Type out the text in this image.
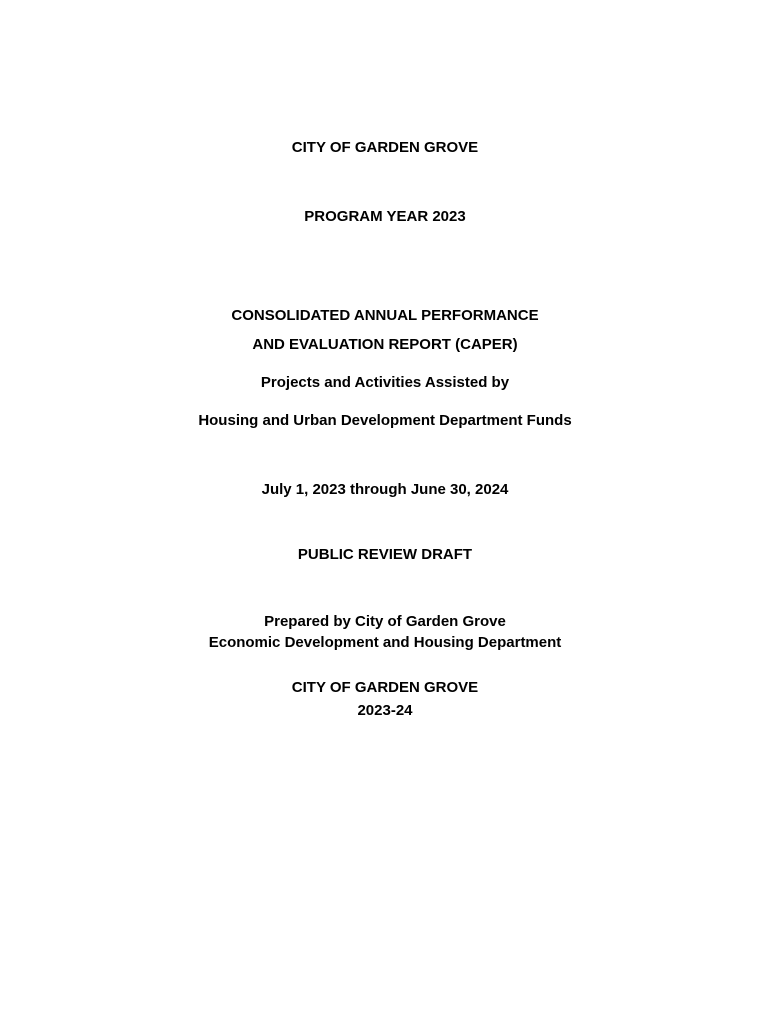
CITY OF GARDEN GROVE
PROGRAM YEAR 2023
CONSOLIDATED ANNUAL PERFORMANCE
AND EVALUATION REPORT (CAPER)
Projects and Activities Assisted by
Housing and Urban Development Department Funds
July 1, 2023 through June 30, 2024
PUBLIC REVIEW DRAFT
Prepared by City of Garden Grove
Economic Development and Housing Department
CITY OF GARDEN GROVE
2023-24
